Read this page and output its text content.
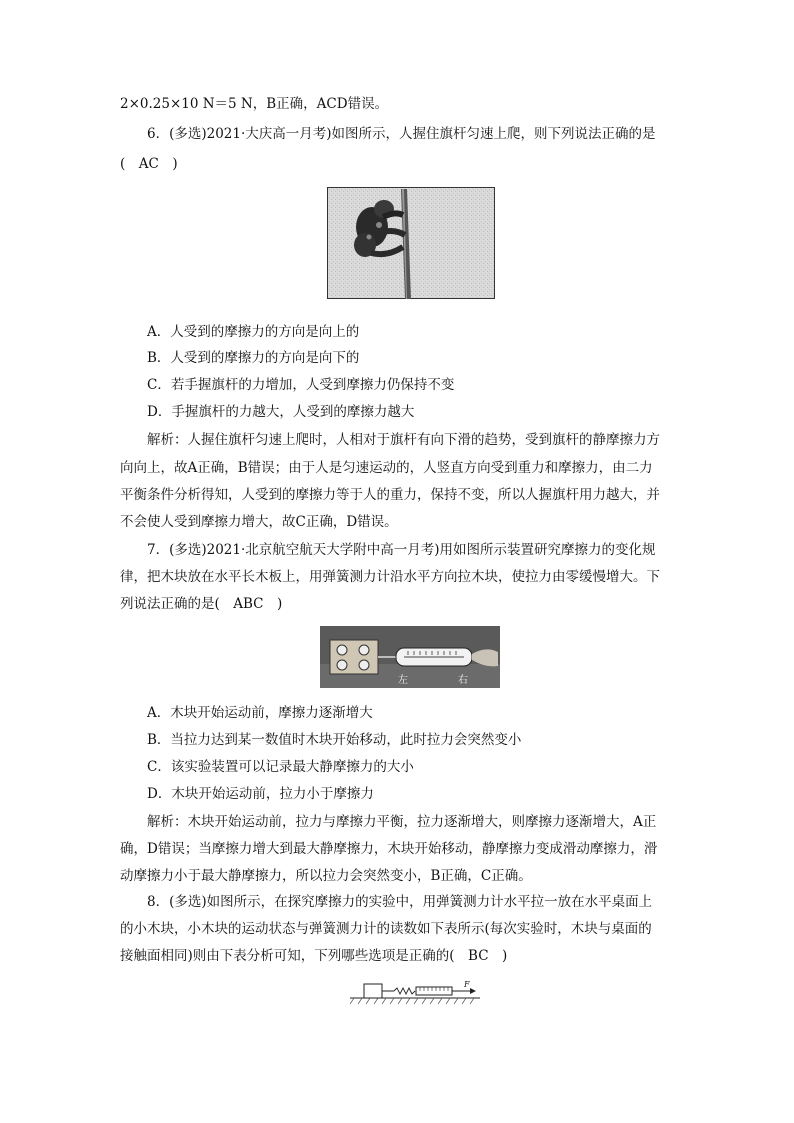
2×0.25×10 N＝5 N，B正确，ACD错误。
6．(多选)2021·大庆高一月考)如图所示，人握住旗杆匀速上爬，则下列说法正确的是
(　AC　)
A．人受到的摩擦力的方向是向上的
B．人受到的摩擦力的方向是向下的
C．若手握旗杆的力增加，人受到摩擦力仍保持不变
D．手握旗杆的力越大，人受到的摩擦力越大
解析：人握住旗杆匀速上爬时，人相对于旗杆有向下滑的趋势，受到旗杆的静摩擦力方
向向上，故A正确，B错误；由于人是匀速运动的，人竖直方向受到重力和摩擦力，由二力
平衡条件分析得知，人受到的摩擦力等于人的重力，保持不变，所以人握旗杆用力越大，并
不会使人受到摩擦力增大，故C正确，D错误。
7．(多选)2021·北京航空航天大学附中高一月考)用如图所示装置研究摩擦力的变化规
律，把木块放在水平长木板上，用弹簧测力计沿水平方向拉木块，使拉力由零缓慢增大。下
列说法正确的是(　ABC　)
左	右
A．木块开始运动前，摩擦力逐渐增大
B．当拉力达到某一数值时木块开始移动，此时拉力会突然变小
C．该实验装置可以记录最大静摩擦力的大小
D．木块开始运动前，拉力小于摩擦力
解析：木块开始运动前，拉力与摩擦力平衡，拉力逐渐增大，则摩擦力逐渐增大，A正
确，D错误；当摩擦力增大到最大静摩擦力，木块开始移动，静摩擦力变成滑动摩擦力，滑
动摩擦力小于最大静摩擦力，所以拉力会突然变小，B正确，C正确。
8．(多选)如图所示，在探究摩擦力的实验中，用弹簧测力计水平拉一放在水平桌面上
的小木块，小木块的运动状态与弹簧测力计的读数如下表所示(每次实验时，木块与桌面的
接触面相同)则由下表分析可知，下列哪些选项是正确的(　BC　)
F
